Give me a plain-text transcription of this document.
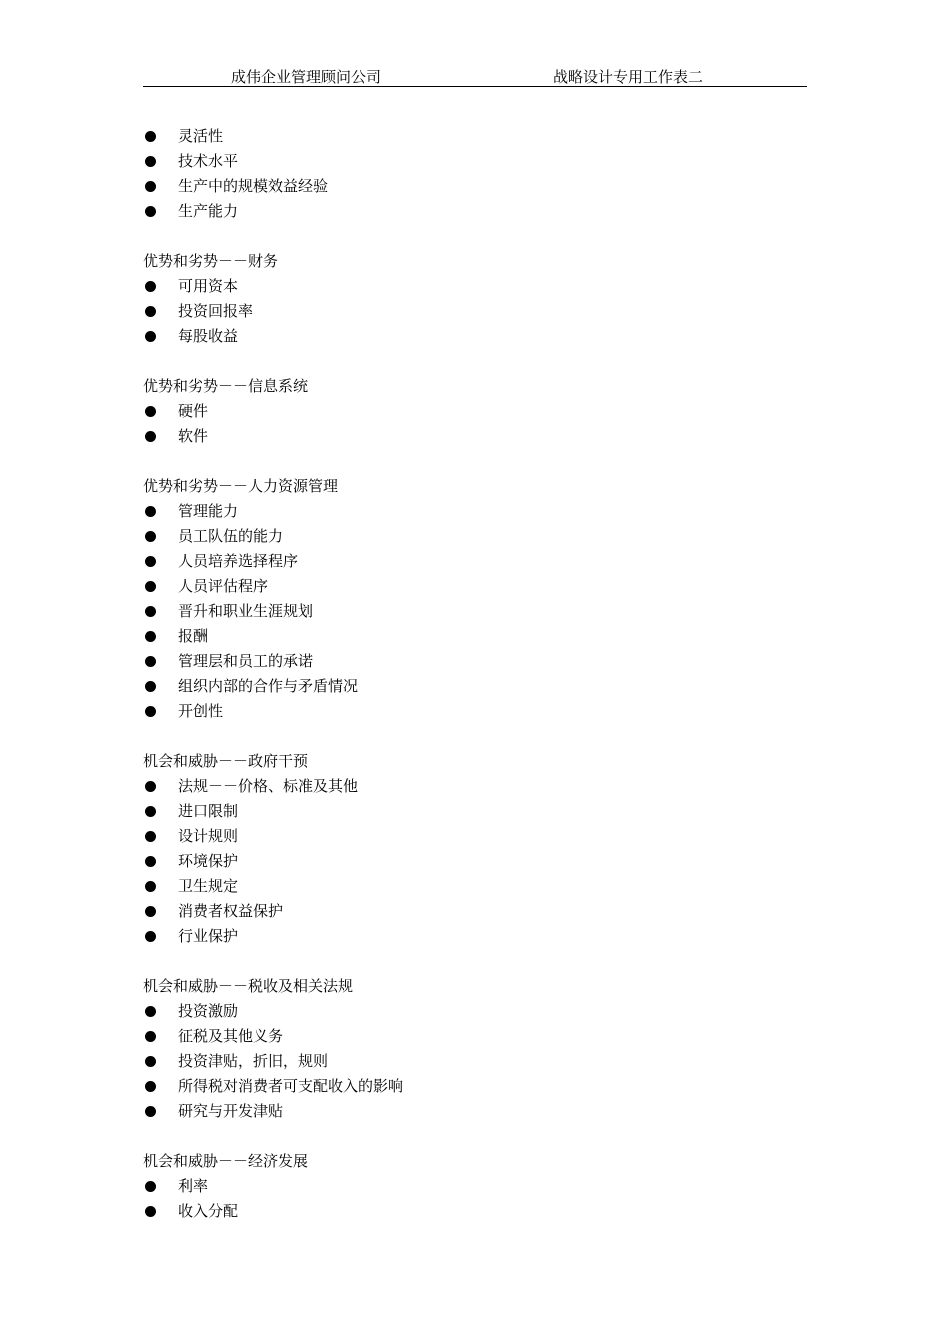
成伟企业管理顾问公司	战略设计专用工作表二
灵活性
技术水平
生产中的规模效益经验
生产能力
优势和劣势－－财务
可用资本
投资回报率
每股收益
优势和劣势－－信息系统
硬件
软件
优势和劣势－－人力资源管理
管理能力
员工队伍的能力
人员培养选择程序
人员评估程序
晋升和职业生涯规划
报酬
管理层和员工的承诺
组织内部的合作与矛盾情况
开创性
机会和威胁－－政府干预
法规－－价格、标准及其他
进口限制
设计规则
环境保护
卫生规定
消费者权益保护
行业保护
机会和威胁－－税收及相关法规
投资激励
征税及其他义务
投资津贴，折旧，规则
所得税对消费者可支配收入的影响
研究与开发津贴
机会和威胁－－经济发展
利率
收入分配
